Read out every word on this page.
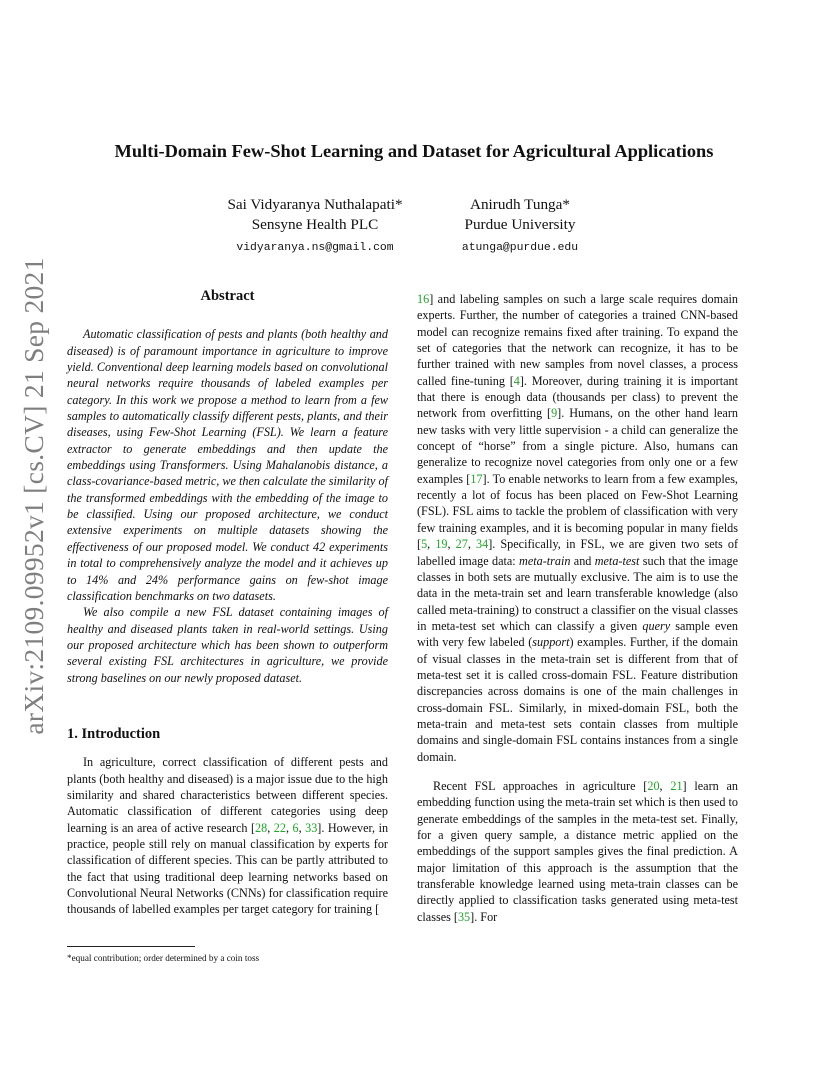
arXiv:2109.09952v1 [cs.CV] 21 Sep 2021
Multi-Domain Few-Shot Learning and Dataset for Agricultural Applications
Sai Vidyaranya Nuthalapati*
Sensyne Health PLC
vidyaranya.ns@gmail.com
Anirudh Tunga*
Purdue University
atunga@purdue.edu
Abstract

Automatic classification of pests and plants (both healthy and diseased) is of paramount importance in agriculture to improve yield. Conventional deep learning models based on convolutional neural networks require thousands of labeled examples per category. In this work we propose a method to learn from a few samples to automatically classify different pests, plants, and their diseases, using Few-Shot Learning (FSL). We learn a feature extractor to generate embeddings and then update the embeddings using Transformers. Using Mahalanobis distance, a class-covariance-based metric, we then calculate the similarity of the transformed embeddings with the embedding of the image to be classified. Using our proposed architecture, we conduct extensive experiments on multiple datasets showing the effectiveness of our proposed model. We conduct 42 experiments in total to comprehensively analyze the model and it achieves up to 14% and 24% performance gains on few-shot image classification benchmarks on two datasets.

We also compile a new FSL dataset containing images of healthy and diseased plants taken in real-world settings. Using our proposed architecture which has been shown to outperform several existing FSL architectures in agriculture, we provide strong baselines on our newly proposed dataset.

1. Introduction

In agriculture, correct classification of different pests and plants (both healthy and diseased) is a major issue due to the high similarity and shared characteristics between different species. Automatic classification of different categories using deep learning is an area of active research [28, 22, 6, 33]. However, in practice, people still rely on manual classification by experts for classification of different species. This can be partly attributed to the fact that using traditional deep learning networks based on Convolutional Neural Networks (CNNs) for classification require thousands of labelled examples per target category for training [

16] and labeling samples on such a large scale requires domain experts. Further, the number of categories a trained CNN-based model can recognize remains fixed after training. To expand the set of categories that the network can recognize, it has to be further trained with new samples from novel classes, a process called fine-tuning [4]. Moreover, during training it is important that there is enough data (thousands per class) to prevent the network from overfitting [9]. Humans, on the other hand learn new tasks with very little supervision - a child can generalize the concept of “horse” from a single picture. Also, humans can generalize to recognize novel categories from only one or a few examples [17]. To enable networks to learn from a few examples, recently a lot of focus has been placed on Few-Shot Learning (FSL). FSL aims to tackle the problem of classification with very few training examples, and it is becoming popular in many fields [5, 19, 27, 34]. Specifically, in FSL, we are given two sets of labelled image data: meta-train and meta-test such that the image classes in both sets are mutually exclusive. The aim is to use the data in the meta-train set and learn transferable knowledge (also called meta-training) to construct a classifier on the visual classes in meta-test set which can classify a given query sample even with very few labeled (support) examples. Further, if the domain of visual classes in the meta-train set is different from that of meta-test set it is called cross-domain FSL. Feature distribution discrepancies across domains is one of the main challenges in cross-domain FSL. Similarly, in mixed-domain FSL, both the meta-train and meta-test sets contain classes from multiple domains and single-domain FSL contains instances from a single domain.

Recent FSL approaches in agriculture [20, 21] learn an embedding function using the meta-train set which is then used to generate embeddings of the samples in the meta-test set. Finally, for a given query sample, a distance metric applied on the embeddings of the support samples gives the final prediction. A major limitation of this approach is the assumption that the transferable knowledge learned using meta-train classes can be directly applied to classification tasks generated using meta-test classes [35]. For

*equal contribution; order determined by a coin toss
